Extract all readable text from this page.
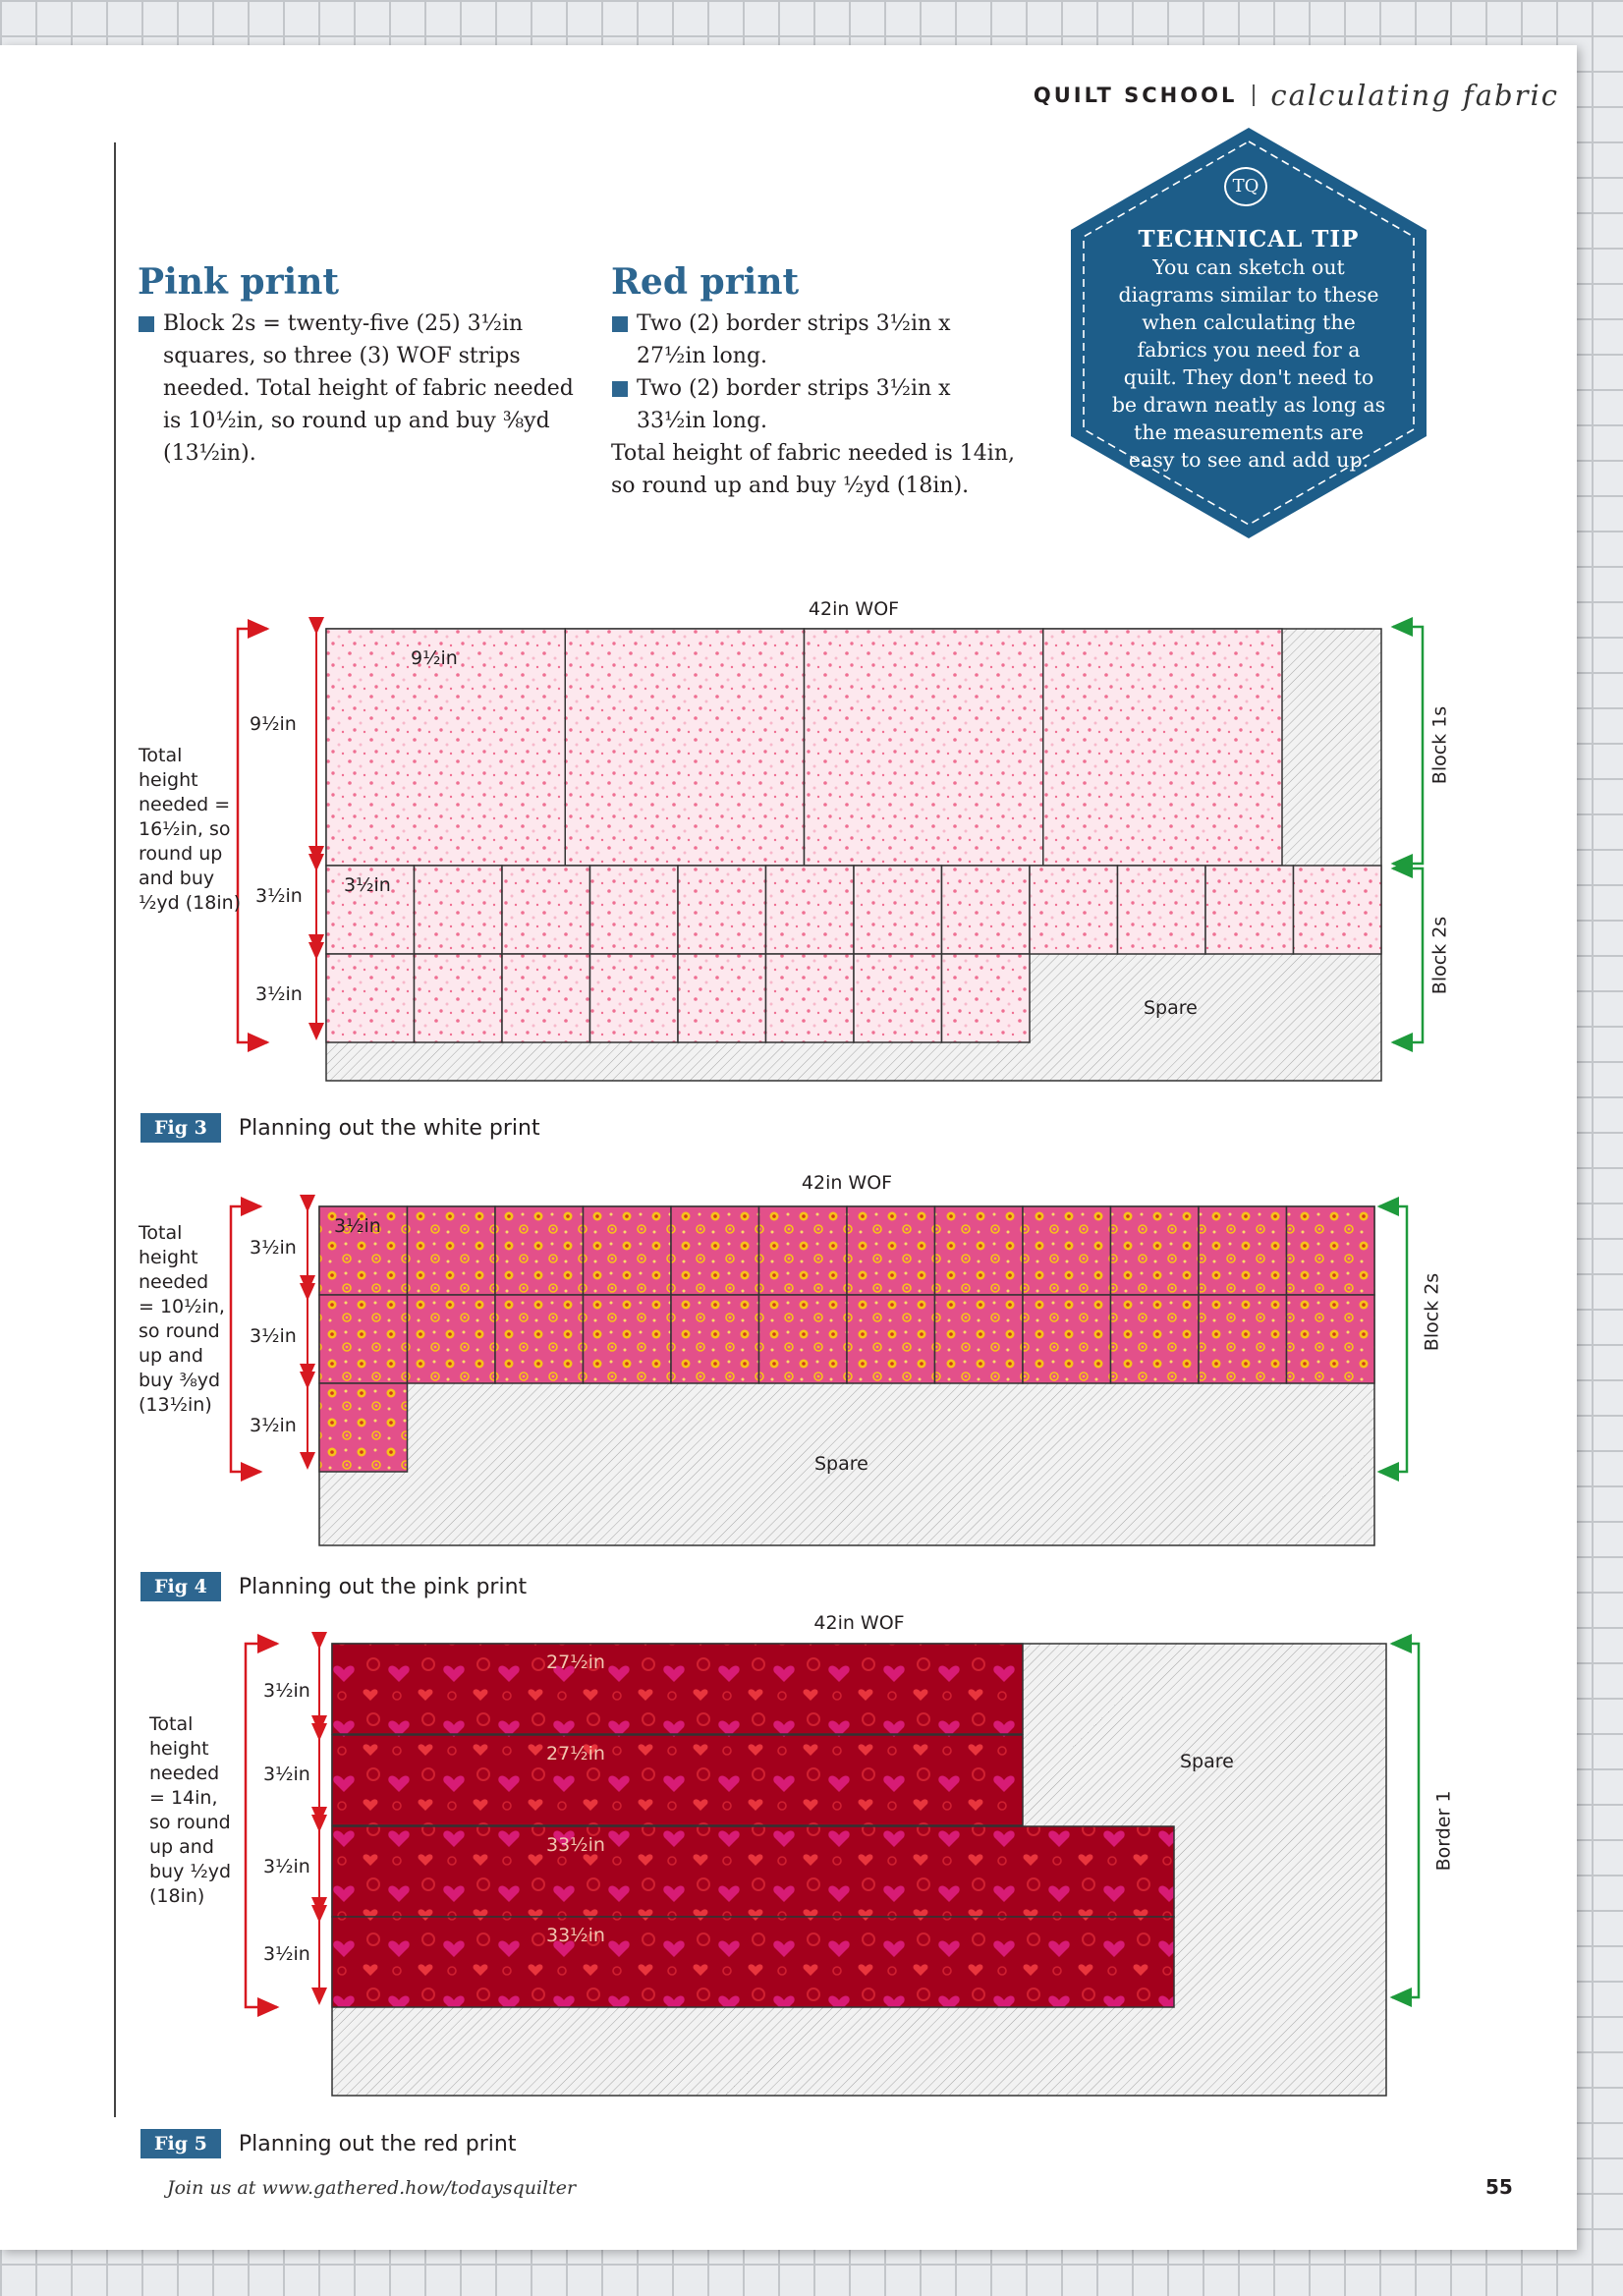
QUILT SCHOOL calculating fabric
Pink print
Block 2s = twenty-five (25) 3½in squares, so three (3) WOF strips needed. Total height of fabric needed is 10½in, so round up and buy ⅜yd (13½in).
Red print
Two (2) border strips 3½in x 27½in long.
Two (2) border strips 3½in x 33½in long.
Total height of fabric needed is 14in, so round up and buy ½yd (18in).
TQ
TECHNICAL TIP
You can sketch out diagrams similar to these when calculating the fabrics you need for a quilt. They don't need to be drawn neatly as long as the measurements are easy to see and add up.
42in WOF
9½in
3½in
Spare
9½in
3½in
3½in
Total
height
needed =
16½in, so
round up
and buy
½yd (18in)
Block 1s
Block 2s
42in WOF
3½in
Spare
3½in
3½in
3½in
Total
height
needed
= 10½in,
so round
up and
buy ⅜yd
(13½in)
Block 2s
42in WOF
27½in
27½in
33½in
33½in
Spare
3½in
3½in
3½in
3½in
Total
height
needed
= 14in,
so round
up and
buy ½yd
(18in)
Border 1
Fig 3 Planning out the white print
Fig 4 Planning out the pink print
Fig 5 Planning out the red print
Join us at www.gathered.how/todaysquilter	55
